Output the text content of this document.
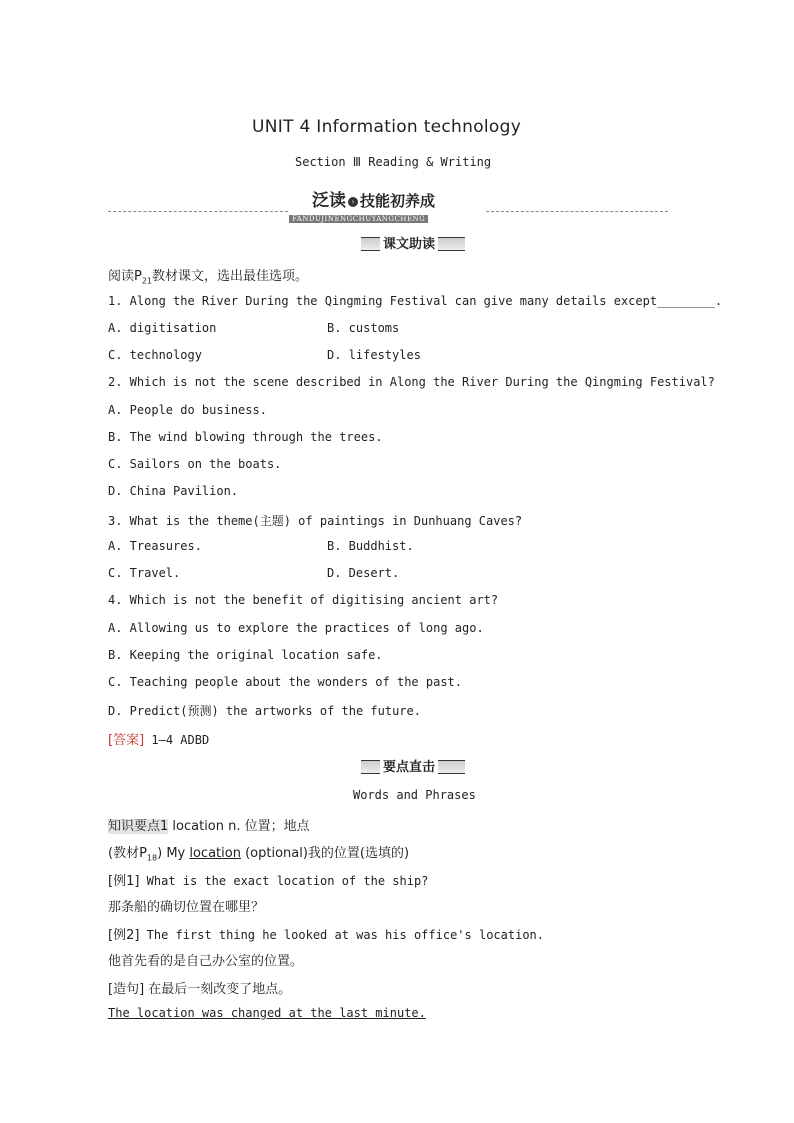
UNIT 4 Information technology
Section Ⅲ Reading & Writing
泛读 › 技能初养成
FANDUJINENGCHUYANGCHENG
课文助读
阅读$P_{21}$教材课文，选出最佳选项。
1. Along the River During the Qingming Festival can give many details except________.
A. digitisation	B. customs
C. technology	D. lifestyles
2. Which is not the scene described in Along the River During the Qingming Festival?
A. People do business.
B. The wind blowing through the trees.
C. Sailors on the boats.
D. China Pavilion.
3. What is the theme(主题) of paintings in Dunhuang Caves?
A. Treasures.	B. Buddhist.
C. Travel.	D. Desert.
4. Which is not the benefit of digitising ancient art?
A. Allowing us to explore the practices of long ago.
B. Keeping the original location safe.
C. Teaching people about the wonders of the past.
D. Predict(预测) the artworks of the future.
[答案] 1—4 ADBD
要点直击
Words and Phrases
知识要点1 location n. 位置；地点
(教材$P_{18}$) My location (optional)我的位置(选填的)
[例1] What is the exact location of the ship?
那条船的确切位置在哪里？
[例2] The first thing he looked at was his office's location.
他首先看的是自己办公室的位置。
[造句] 在最后一刻改变了地点。
The location was changed at the last minute.
